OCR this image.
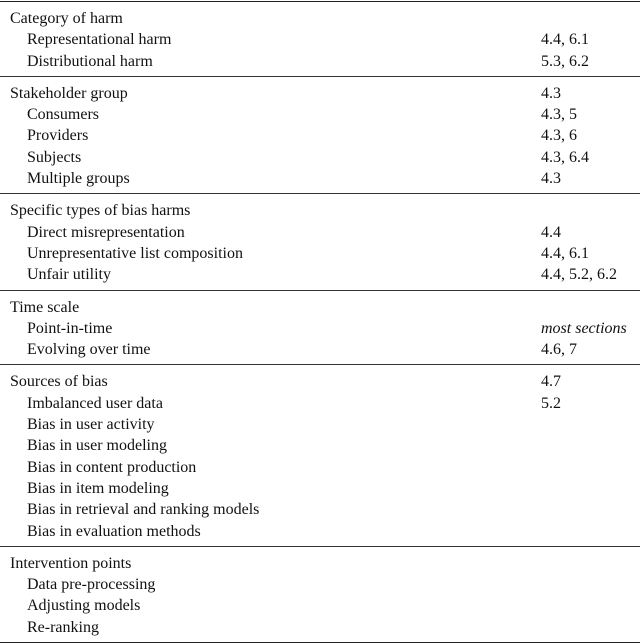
Category of harm
Representational harm	4.4, 6.1
Distributional harm	5.3, 6.2
Stakeholder group	4.3
Consumers	4.3, 5
Providers	4.3, 6
Subjects	4.3, 6.4
Multiple groups	4.3
Specific types of bias harms
Direct misrepresentation	4.4
Unrepresentative list composition	4.4, 6.1
Unfair utility	4.4, 5.2, 6.2
Time scale
Point-in-time	most sections
Evolving over time	4.6, 7
Sources of bias	4.7
Imbalanced user data	5.2
Bias in user activity
Bias in user modeling
Bias in content production
Bias in item modeling
Bias in retrieval and ranking models
Bias in evaluation methods
Intervention points
Data pre-processing
Adjusting models
Re-ranking
